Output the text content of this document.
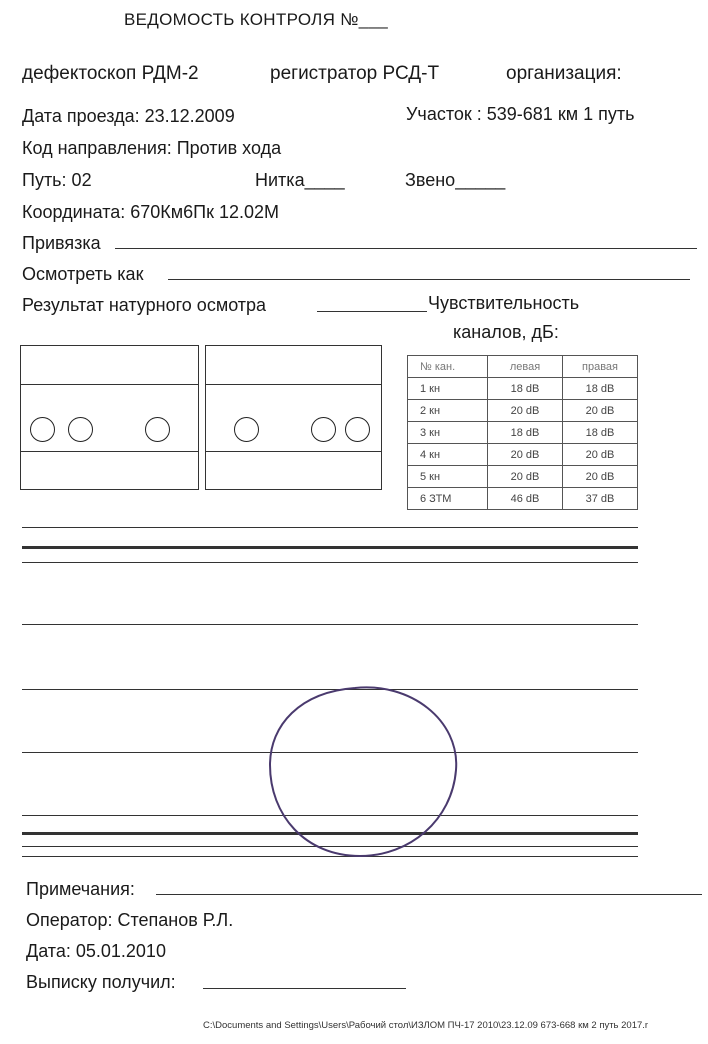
ВЕДОМОСТЬ КОНТРОЛЯ №___
дефектоскоп РДМ-2	регистратор РСД-Т	организация:
Дата проезда: 23.12.2009	Участок : 539-681 км 1 путь
Код направления: Против хода
Путь: 02	Нитка____	Звено_____
Координата: 670Км6Пк 12.02М
Привязка
Осмотреть как
Результат натурного осмотра	Чувствительность
каналов, дБ:
№ кан.	левая	правая
1 кн	18 dB	18 dB
2 кн	20 dB	20 dB
3 кн	18 dB	18 dB
4 кн	20 dB	20 dB
5 кн	20 dB	20 dB
6 ЗТМ	46 dB	37 dB
Примечания:
Оператор: Степанов Р.Л.
Дата: 05.01.2010
Выписку получил:
C:\Documents and Settings\Users\Рабочий стол\ИЗЛОМ ПЧ-17 2010\23.12.09 673-668 км 2 путь 2017.r
